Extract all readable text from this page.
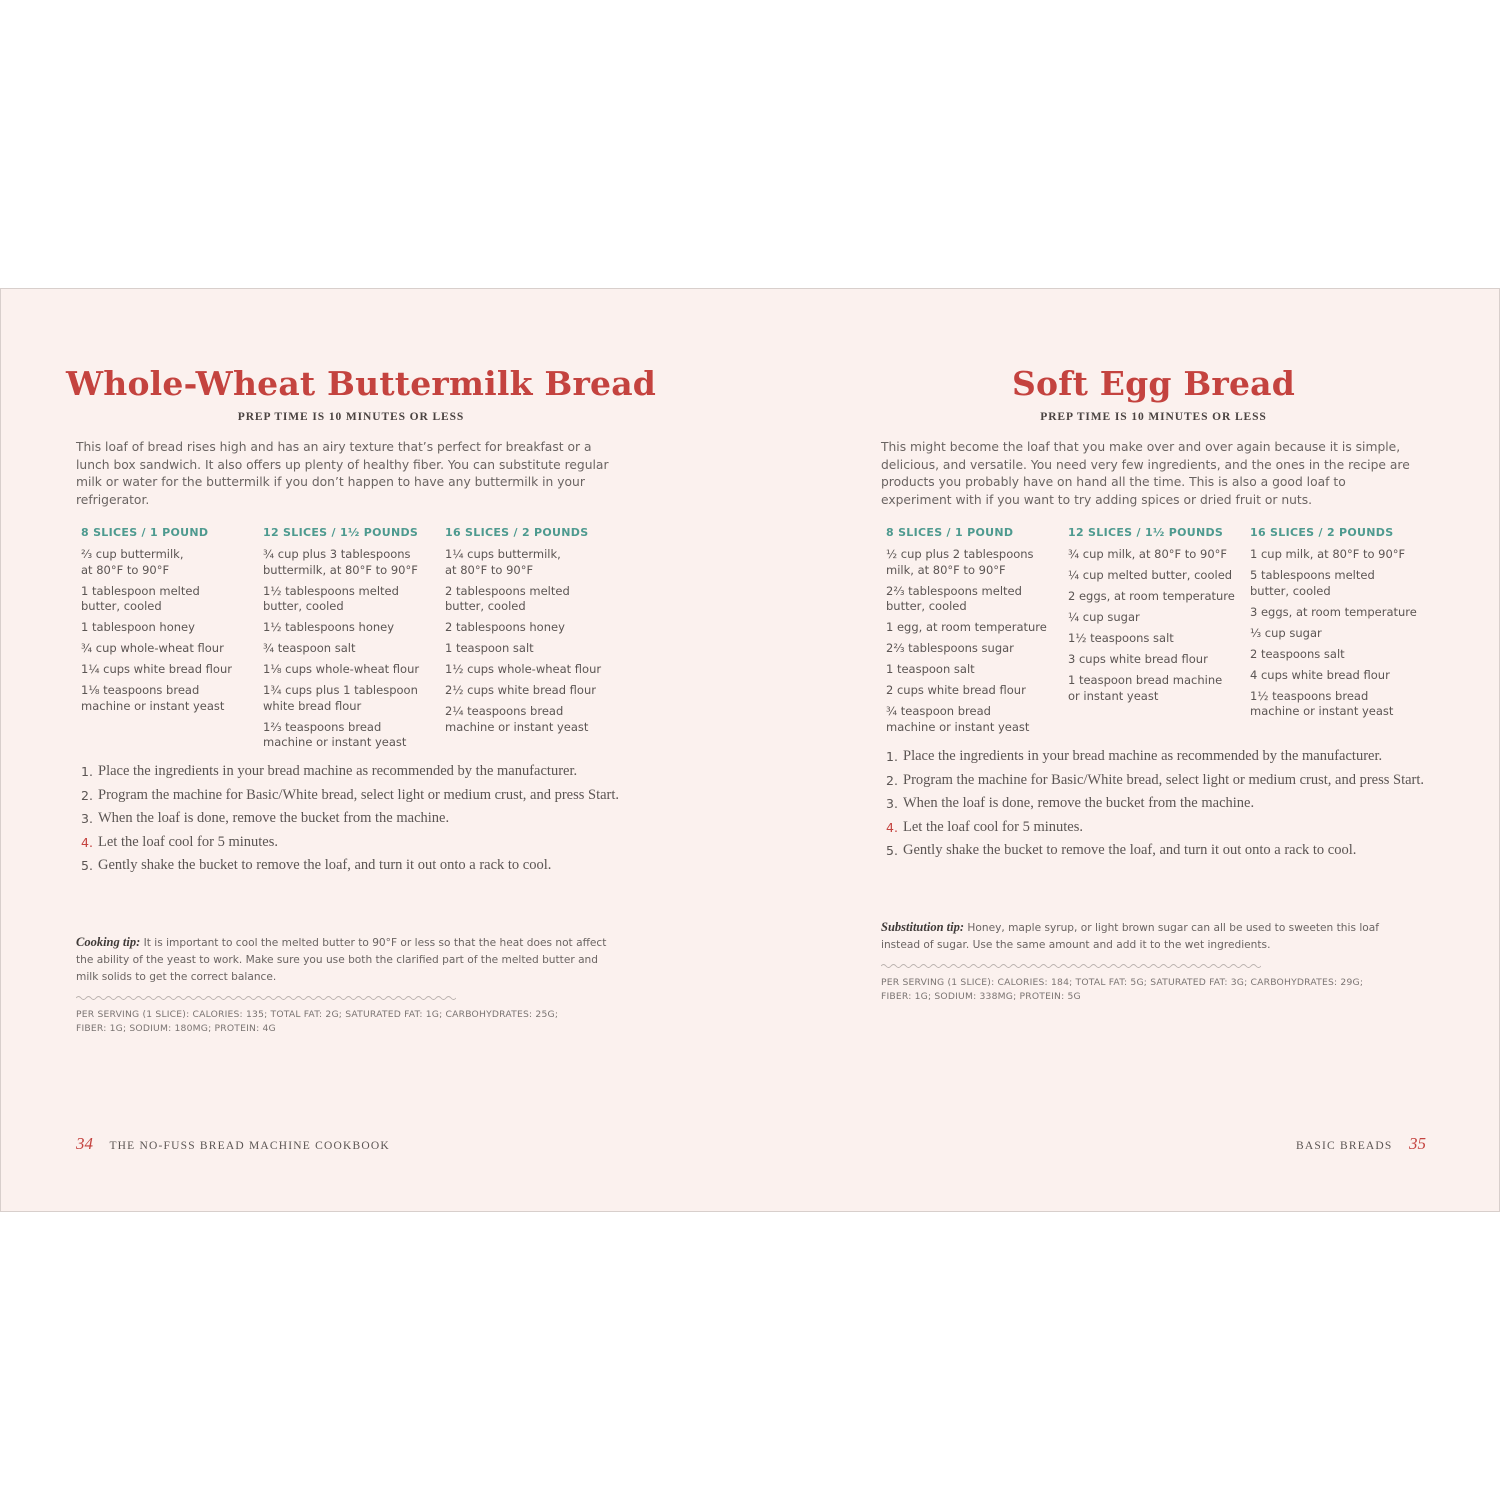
Whole-Wheat Buttermilk Bread
PREP TIME IS 10 MINUTES OR LESS
This loaf of bread rises high and has an airy texture that’s perfect for breakfast or a lunch box sandwich. It also offers up plenty of healthy fiber. You can substitute regular milk or water for the buttermilk if you don’t happen to have any buttermilk in your refrigerator.
8 SLICES / 1 POUND
⅔ cup buttermilk,
at 80°F to 90°F
1 tablespoon melted
butter, cooled
1 tablespoon honey
¾ cup whole-wheat flour
1¼ cups white bread flour
1⅛ teaspoons bread
machine or instant yeast
12 SLICES / 1½ POUNDS
¾ cup plus 3 tablespoons
buttermilk, at 80°F to 90°F
1½ tablespoons melted
butter, cooled
1½ tablespoons honey
¾ teaspoon salt
1⅛ cups whole-wheat flour
1¾ cups plus 1 tablespoon
white bread flour
1⅔ teaspoons bread
machine or instant yeast
16 SLICES / 2 POUNDS
1¼ cups buttermilk,
at 80°F to 90°F
2 tablespoons melted
butter, cooled
2 tablespoons honey
1 teaspoon salt
1½ cups whole-wheat flour
2½ cups white bread flour
2¼ teaspoons bread
machine or instant yeast
1. Place the ingredients in your bread machine as recommended by the manufacturer.
2. Program the machine for Basic/White bread, select light or medium crust, and press Start.
3. When the loaf is done, remove the bucket from the machine.
4. Let the loaf cool for 5 minutes.
5. Gently shake the bucket to remove the loaf, and turn it out onto a rack to cool.
Cooking tip: It is important to cool the melted butter to 90°F or less so that the heat does not affect the ability of the yeast to work. Make sure you use both the clarified part of the melted butter and milk solids to get the correct balance.
PER SERVING (1 SLICE): CALORIES: 135; TOTAL FAT: 2G; SATURATED FAT: 1G; CARBOHYDRATES: 25G; FIBER: 1G; SODIUM: 180MG; PROTEIN: 4G
Soft Egg Bread
PREP TIME IS 10 MINUTES OR LESS
This might become the loaf that you make over and over again because it is simple, delicious, and versatile. You need very few ingredients, and the ones in the recipe are products you probably have on hand all the time. This is also a good loaf to experiment with if you want to try adding spices or dried fruit or nuts.
8 SLICES / 1 POUND
½ cup plus 2 tablespoons
milk, at 80°F to 90°F
2⅔ tablespoons melted
butter, cooled
1 egg, at room temperature
2⅔ tablespoons sugar
1 teaspoon salt
2 cups white bread flour
¾ teaspoon bread
machine or instant yeast
12 SLICES / 1½ POUNDS
¾ cup milk, at 80°F to 90°F
¼ cup melted butter, cooled
2 eggs, at room temperature
¼ cup sugar
1½ teaspoons salt
3 cups white bread flour
1 teaspoon bread machine
or instant yeast
16 SLICES / 2 POUNDS
1 cup milk, at 80°F to 90°F
5 tablespoons melted
butter, cooled
3 eggs, at room temperature
⅓ cup sugar
2 teaspoons salt
4 cups white bread flour
1½ teaspoons bread
machine or instant yeast
1. Place the ingredients in your bread machine as recommended by the manufacturer.
2. Program the machine for Basic/White bread, select light or medium crust, and press Start.
3. When the loaf is done, remove the bucket from the machine.
4. Let the loaf cool for 5 minutes.
5. Gently shake the bucket to remove the loaf, and turn it out onto a rack to cool.
Substitution tip: Honey, maple syrup, or light brown sugar can all be used to sweeten this loaf instead of sugar. Use the same amount and add it to the wet ingredients.
PER SERVING (1 SLICE): CALORIES: 184; TOTAL FAT: 5G; SATURATED FAT: 3G; CARBOHYDRATES: 29G; FIBER: 1G; SODIUM: 338MG; PROTEIN: 5G
34 THE NO-FUSS BREAD MACHINE COOKBOOK	BASIC BREADS 35
